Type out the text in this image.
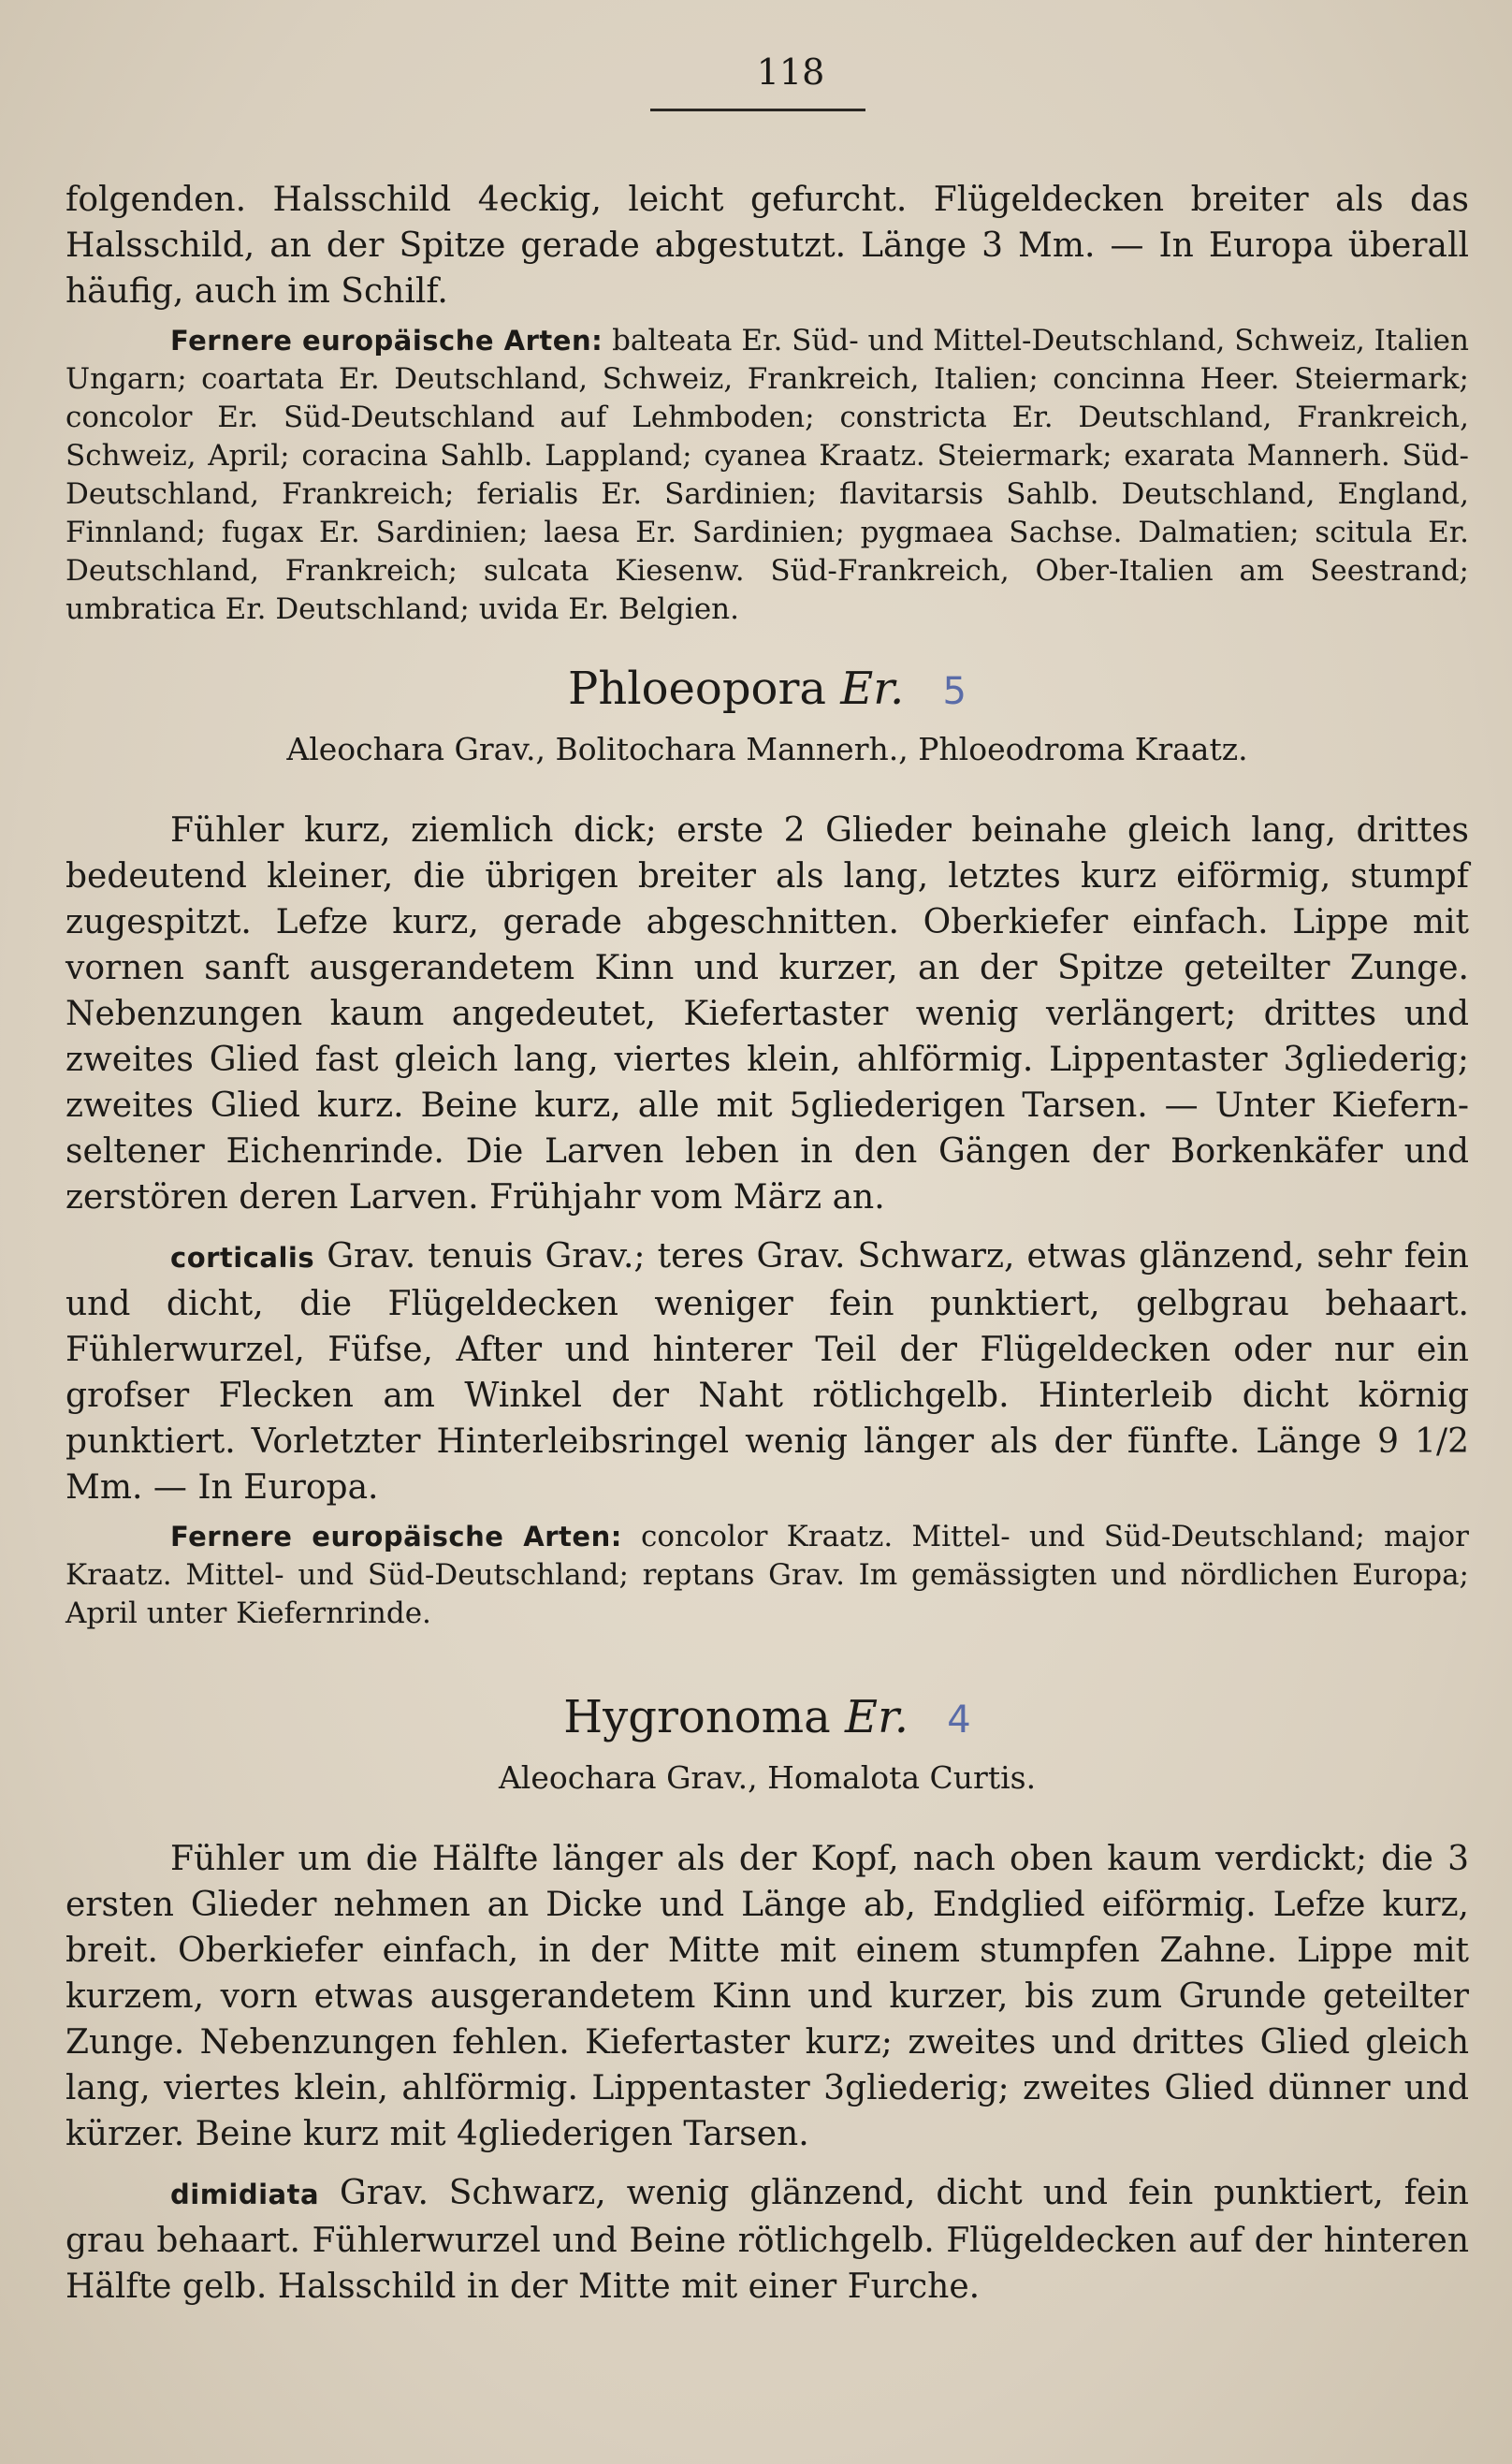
118

folgenden. Halsschild 4eckig, leicht gefurcht. Flügeldecken breiter als das Halsschild, an der Spitze gerade abgestutzt. Länge 3 Mm. — In Europa überall häufig, auch im Schilf.

Fernere europäische Arten: balteata Er. Süd- und Mittel-Deutschland, Schweiz, Italien Ungarn; coartata Er. Deutschland, Schweiz, Frankreich, Italien; concinna Heer. Steiermark; concolor Er. Süd-Deutschland auf Lehmboden; constricta Er. Deutschland, Frankreich, Schweiz, April; coracina Sahlb. Lappland; cyanea Kraatz. Steiermark; exarata Mannerh. Süd-Deutschland, Frankreich; ferialis Er. Sardinien; flavitarsis Sahlb. Deutschland, England, Finnland; fugax Er. Sardinien; laesa Er. Sardinien; pygmaea Sachse. Dalmatien; scitula Er. Deutschland, Frankreich; sulcata Kiesenw. Süd-Frankreich, Ober-Italien am Seestrand; umbratica Er. Deutschland; uvida Er. Belgien.

Phloeopora Er. 5
Aleochara Grav., Bolitochara Mannerh., Phloeodroma Kraatz.

Fühler kurz, ziemlich dick; erste 2 Glieder beinahe gleich lang, drittes bedeutend kleiner, die übrigen breiter als lang, letztes kurz eiförmig, stumpf zugespitzt. Lefze kurz, gerade abgeschnitten. Oberkiefer einfach. Lippe mit vornen sanft ausgerandetem Kinn und kurzer, an der Spitze geteilter Zunge. Nebenzungen kaum angedeutet, Kiefertaster wenig verlängert; drittes und zweites Glied fast gleich lang, viertes klein, ahlförmig. Lippentaster 3gliederig; zweites Glied kurz. Beine kurz, alle mit 5gliederigen Tarsen. — Unter Kiefern- seltener Eichenrinde. Die Larven leben in den Gängen der Borkenkäfer und zerstören deren Larven. Frühjahr vom März an.

corticalis Grav. tenuis Grav.; teres Grav. Schwarz, etwas glänzend, sehr fein und dicht, die Flügeldecken weniger fein punktiert, gelbgrau behaart. Fühlerwurzel, Füfse, After und hinterer Teil der Flügeldecken oder nur ein grofser Flecken am Winkel der Naht rötlichgelb. Hinterleib dicht körnig punktiert. Vorletzter Hinterleibsringel wenig länger als der fünfte. Länge 9 1/2 Mm. — In Europa.

Fernere europäische Arten: concolor Kraatz. Mittel- und Süd-Deutschland; major Kraatz. Mittel- und Süd-Deutschland; reptans Grav. Im gemässigten und nördlichen Europa; April unter Kiefernrinde.

Hygronoma Er. 4
Aleochara Grav., Homalota Curtis.

Fühler um die Hälfte länger als der Kopf, nach oben kaum verdickt; die 3 ersten Glieder nehmen an Dicke und Länge ab, Endglied eiförmig. Lefze kurz, breit. Oberkiefer einfach, in der Mitte mit einem stumpfen Zahne. Lippe mit kurzem, vorn etwas ausgerandetem Kinn und kurzer, bis zum Grunde geteilter Zunge. Nebenzungen fehlen. Kiefertaster kurz; zweites und drittes Glied gleich lang, viertes klein, ahlförmig. Lippentaster 3gliederig; zweites Glied dünner und kürzer. Beine kurz mit 4gliederigen Tarsen.

dimidiata Grav. Schwarz, wenig glänzend, dicht und fein punktiert, fein grau behaart. Fühlerwurzel und Beine rötlichgelb. Flügeldecken auf der hinteren Hälfte gelb. Halsschild in der Mitte mit einer Furche.
